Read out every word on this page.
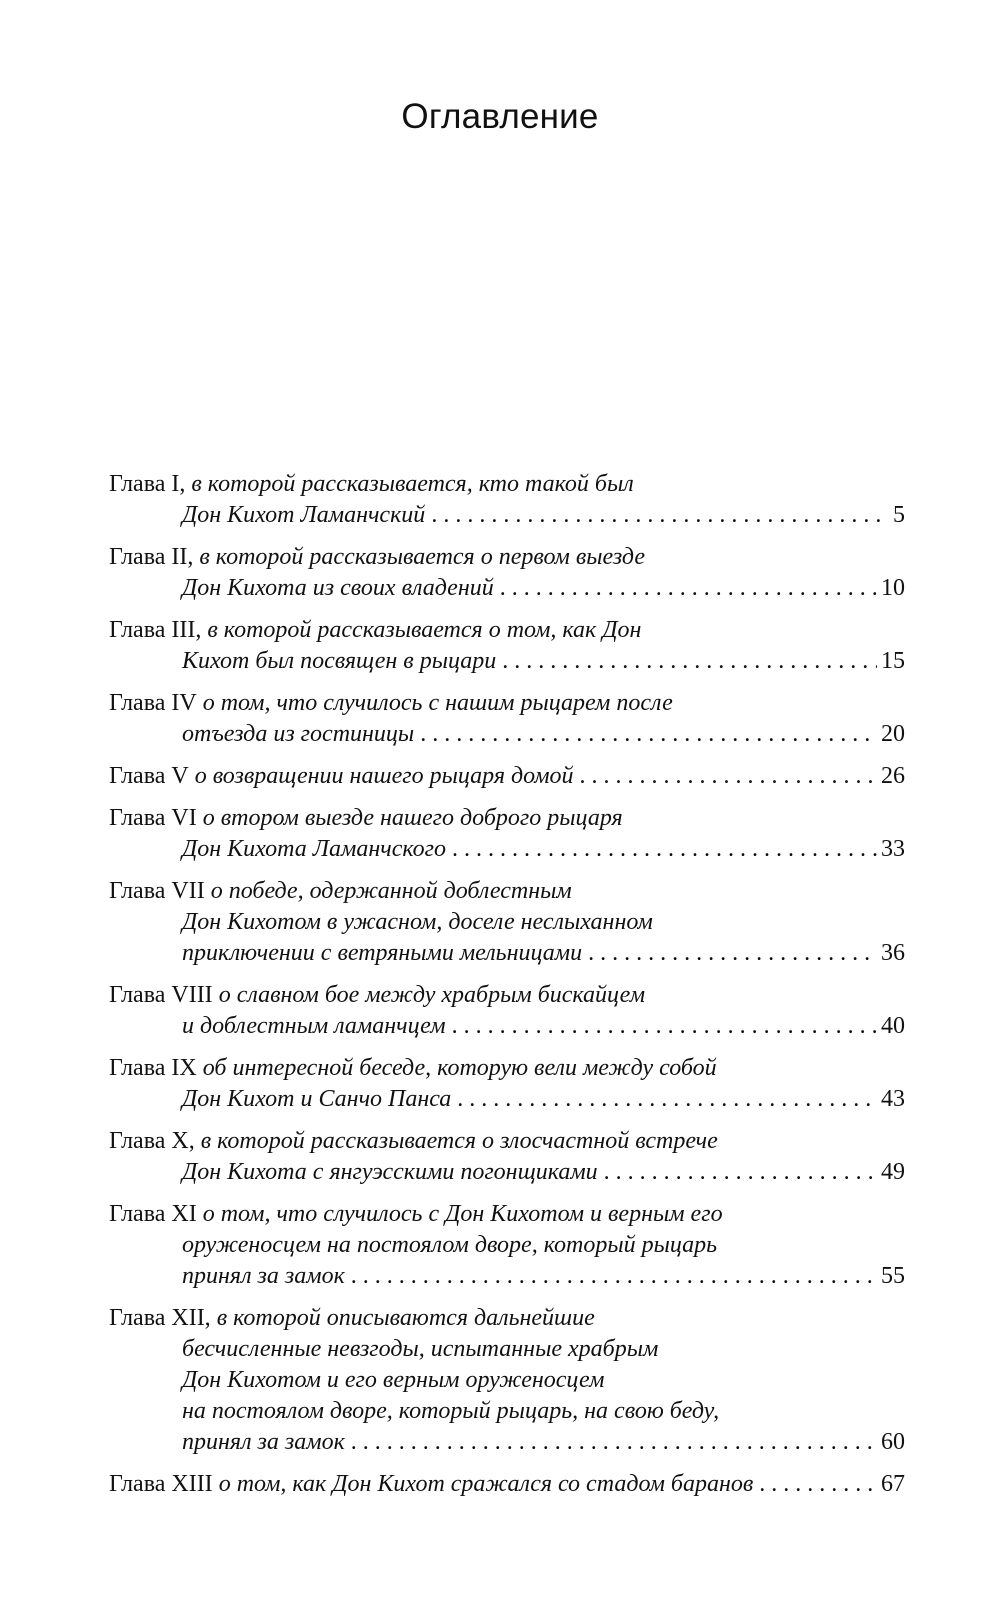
Оглавление
Глава I,
в которой рассказывается, кто такой был
Дон Кихот Ламанчский . . .	5
Глава II,
в которой рассказывается о первом выезде
Дон Кихота из своих владений . . .	10
Глава III,
в которой рассказывается о том, как Дон
Кихот был посвящен в рыцари . . .	15
Глава IV
о том, что случилось с нашим рыцарем после
отъезда из гостиницы . . .	20
Глава V
о возвращении нашего рыцаря домой . . .	26
Глава VI
о втором выезде нашего доброго рыцаря
Дон Кихота Ламанчского . . .	33
Глава VII
о победе, одержанной доблестным
Дон Кихотом в ужасном, доселе неслыханном
приключении с ветряными мельницами . . .	36
Глава VIII
о славном бое между храбрым бискайцем
и доблестным ламанчцем . . .	40
Глава IX
об интересной беседе, которую вели между собой
Дон Кихот и Санчо Панса . . .	43
Глава X,
в которой рассказывается о злосчастной встрече
Дон Кихота с янгуэсскими погонщиками . . .	49
Глава XI
о том, что случилось с Дон Кихотом и верным его
оруженосцем на постоялом дворе, который рыцарь
принял за замок . . .	55
Глава XII,
в которой описываются дальнейшие
бесчисленные невзгоды, испытанные храбрым
Дон Кихотом и его верным оруженосцем
на постоялом дворе, который рыцарь, на свою беду,
принял за замок . . .	60
Глава XIII
о том, как Дон Кихот сражался со стадом баранов . . .	67
